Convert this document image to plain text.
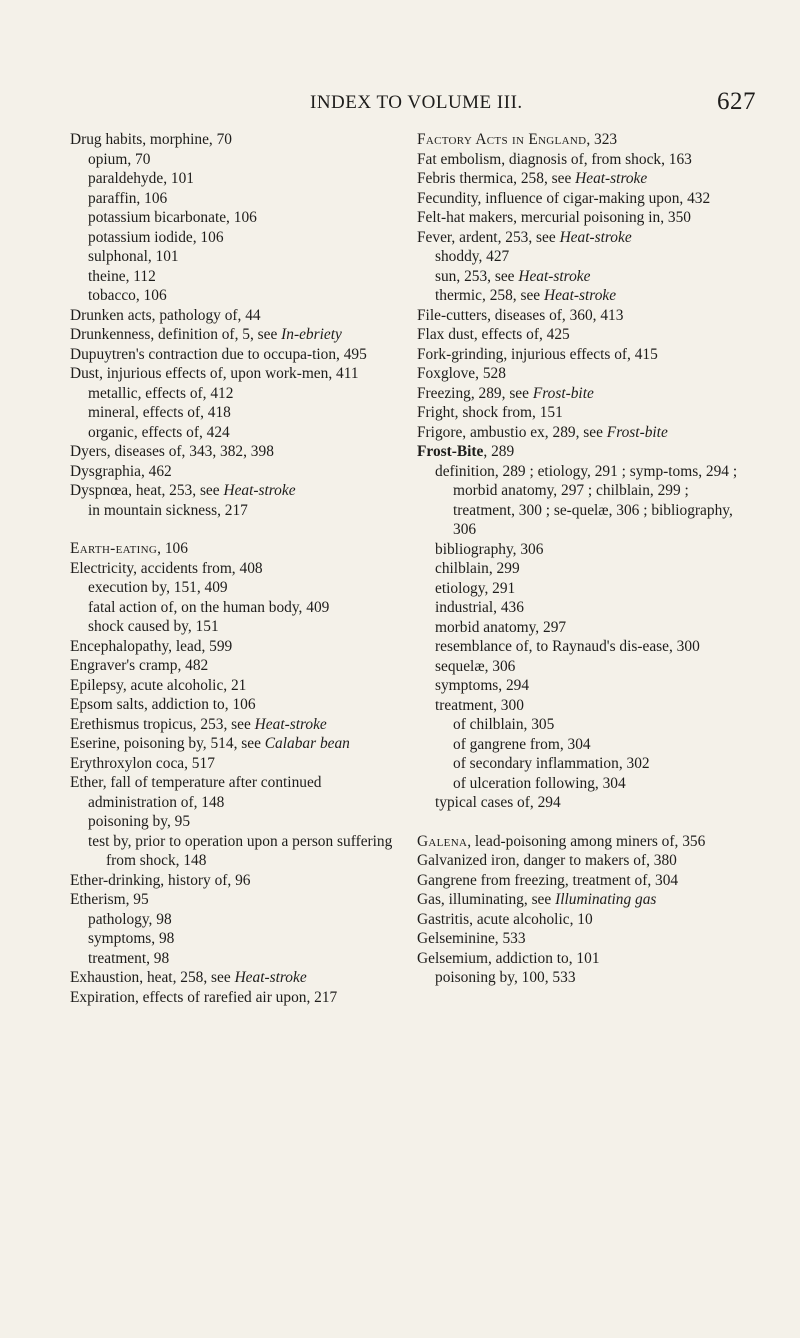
INDEX TO VOLUME III.	627
Drug habits, morphine, 70
opium, 70
paraldehyde, 101
paraffin, 106
potassium bicarbonate, 106
potassium iodide, 106
sulphonal, 101
theine, 112
tobacco, 106
Drunken acts, pathology of, 44
Drunkenness, definition of, 5, see In-ebriety
Dupuytren's contraction due to occupa-tion, 495
Dust, injurious effects of, upon work-men, 411
metallic, effects of, 412
mineral, effects of, 418
organic, effects of, 424
Dyers, diseases of, 343, 382, 398
Dysgraphia, 462
Dyspnœa, heat, 253, see Heat-stroke
in mountain sickness, 217
Earth-eating, 106
Electricity, accidents from, 408
execution by, 151, 409
fatal action of, on the human body, 409
shock caused by, 151
Encephalopathy, lead, 599
Engraver's cramp, 482
Epilepsy, acute alcoholic, 21
Epsom salts, addiction to, 106
Erethismus tropicus, 253, see Heat-stroke
Eserine, poisoning by, 514, see Calabar bean
Erythroxylon coca, 517
Ether, fall of temperature after continued administration of, 148
poisoning by, 95
test by, prior to operation upon a person suffering from shock, 148
Ether-drinking, history of, 96
Etherism, 95
pathology, 98
symptoms, 98
treatment, 98
Exhaustion, heat, 258, see Heat-stroke
Expiration, effects of rarefied air upon, 217
Factory Acts in England, 323
Fat embolism, diagnosis of, from shock, 163
Febris thermica, 258, see Heat-stroke
Fecundity, influence of cigar-making upon, 432
Felt-hat makers, mercurial poisoning in, 350
Fever, ardent, 253, see Heat-stroke
shoddy, 427
sun, 253, see Heat-stroke
thermic, 258, see Heat-stroke
File-cutters, diseases of, 360, 413
Flax dust, effects of, 425
Fork-grinding, injurious effects of, 415
Foxglove, 528
Freezing, 289, see Frost-bite
Fright, shock from, 151
Frigore, ambustio ex, 289, see Frost-bite
Frost-Bite, 289
definition, 289 ; etiology, 291 ; symp-toms, 294 ; morbid anatomy, 297 ; chilblain, 299 ; treatment, 300 ; se-quelæ, 306 ; bibliography, 306
bibliography, 306
chilblain, 299
etiology, 291
industrial, 436
morbid anatomy, 297
resemblance of, to Raynaud's dis-ease, 300
sequelæ, 306
symptoms, 294
treatment, 300
of chilblain, 305
of gangrene from, 304
of secondary inflammation, 302
of ulceration following, 304
typical cases of, 294
Galena, lead-poisoning among miners of, 356
Galvanized iron, danger to makers of, 380
Gangrene from freezing, treatment of, 304
Gas, illuminating, see Illuminating gas
Gastritis, acute alcoholic, 10
Gelseminine, 533
Gelsemium, addiction to, 101
poisoning by, 100, 533
